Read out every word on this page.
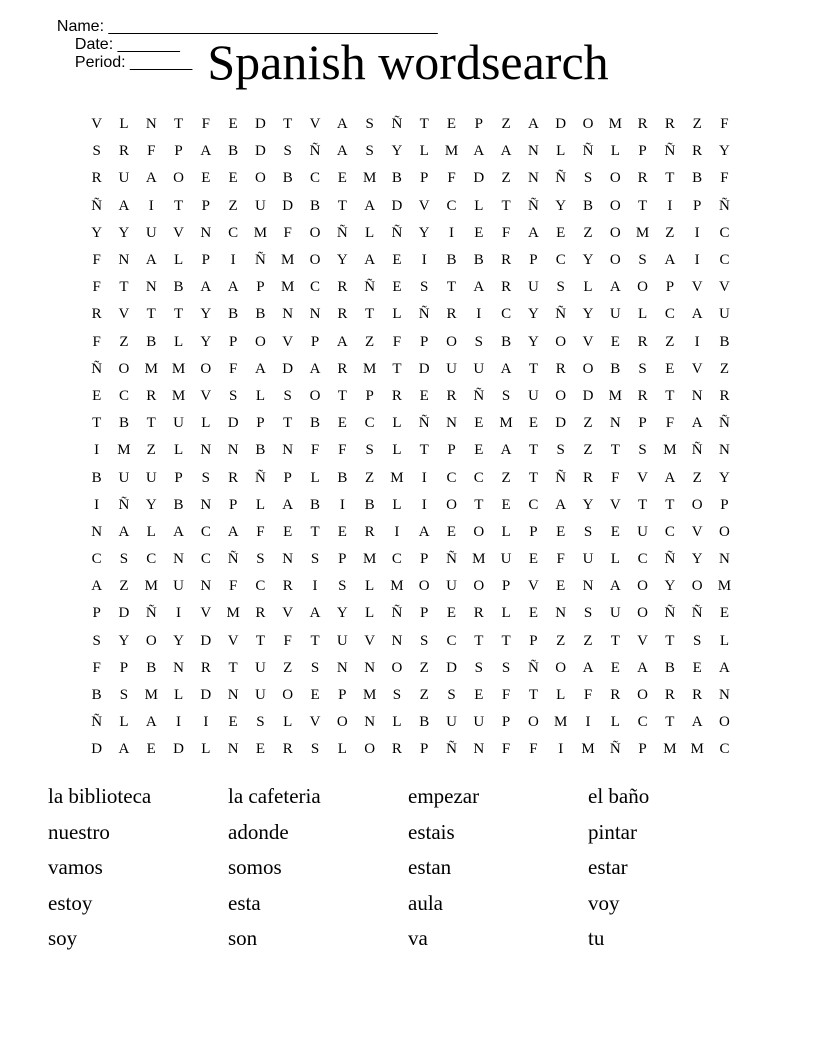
Name: _____________________________________
Date: _______
Period: _______ Spanish wordsearch
V	L	N	T	F	E	D	T	V	A	S	Ñ	T	E	P	Z	A	D	O	M	R	R	Z	F
S	R	F	P	A	B	D	S	Ñ	A	S	Y	L	M	A	A	N	L	Ñ	L	P	Ñ	R	Y
R	U	A	O	E	E	O	B	C	E	M	B	P	F	D	Z	N	Ñ	S	O	R	T	B	F
Ñ	A	I	T	P	Z	U	D	B	T	A	D	V	C	L	T	Ñ	Y	B	O	T	I	P	Ñ
Y	Y	U	V	N	C	M	F	O	Ñ	L	Ñ	Y	I	E	F	A	E	Z	O	M	Z	I	C
F	N	A	L	P	I	Ñ	M	O	Y	A	E	I	B	B	R	P	C	Y	O	S	A	I	C
F	T	N	B	A	A	P	M	C	R	Ñ	E	S	T	A	R	U	S	L	A	O	P	V	V
R	V	T	T	Y	B	B	N	N	R	T	L	Ñ	R	I	C	Y	Ñ	Y	U	L	C	A	U
F	Z	B	L	Y	P	O	V	P	A	Z	F	P	O	S	B	Y	O	V	E	R	Z	I	B
Ñ	O	M M	O	F	A	D	A	R	M	T	D	U	U	A	T	R	O	B	S	E	V	Z
E	C	R	M	V	S	L	S	O	T	P	R	E	R	Ñ	S	U	O	D	M	R	T	N	R
T	B	T	U	L	D	P	T	B	E	C	L	Ñ	N	E	M	E	D	Z	N	P	F	A	Ñ
I	M	Z	L	N	N	B	N	F	F	S	L	T	P	E	A	T	S	Z	T	S	M	Ñ	N
B	U	U	P	S	R	Ñ	P	L	B	Z	M	I	C	C	Z	T	Ñ	R	F	V	A	Z	Y
I	Ñ	Y	B	N	P	L	A	B	I	B	L	I	O	T	E	C	A	Y	V	T	T	O	P
N	A	L	A	C	A	F	E	T	E	R	I	A	E	O	L	P	E	S	E	U	C	V	O
C	S	C	N	C	Ñ	S	N	S	P	M	C	P	Ñ	M	U	E	F	U	L	C	Ñ	Y	N
A	Z	M	U	N	F	C	R	I	S	L	M	O	U	O	P	V	E	N	A	O	Y	O	M
P	D	Ñ	I	V	M	R	V	A	Y	L	Ñ	P	E	R	L	E	N	S	U	O	Ñ	Ñ	E
S	Y	O	Y	D	V	T	F	T	U	V	N	S	C	T	T	P	Z	Z	T	V	T	S	L
F	P	B	N	R	T	U	Z	S	N	N	O	Z	D	S	S	Ñ	O	A	E	A	B	E	A
B	S	M	L	D	N	U	O	E	P	M	S	Z	S	E	F	T	L	F	R	O	R	R	N
Ñ	L	A	I	I	E	S	L	V	O	N	L	B	U	U	P	O	M	I	L	C	T	A	O
D	A	E	D	L	N	E	R	S	L	O	R	P	Ñ	N	F	F	I	M	Ñ	P	M M	C
la biblioteca	la cafeteria	empezar	el baño
nuestro	adonde	estais	pintar
vamos	somos	estan	estar
estoy	esta	aula	voy
soy	son	va	tu
